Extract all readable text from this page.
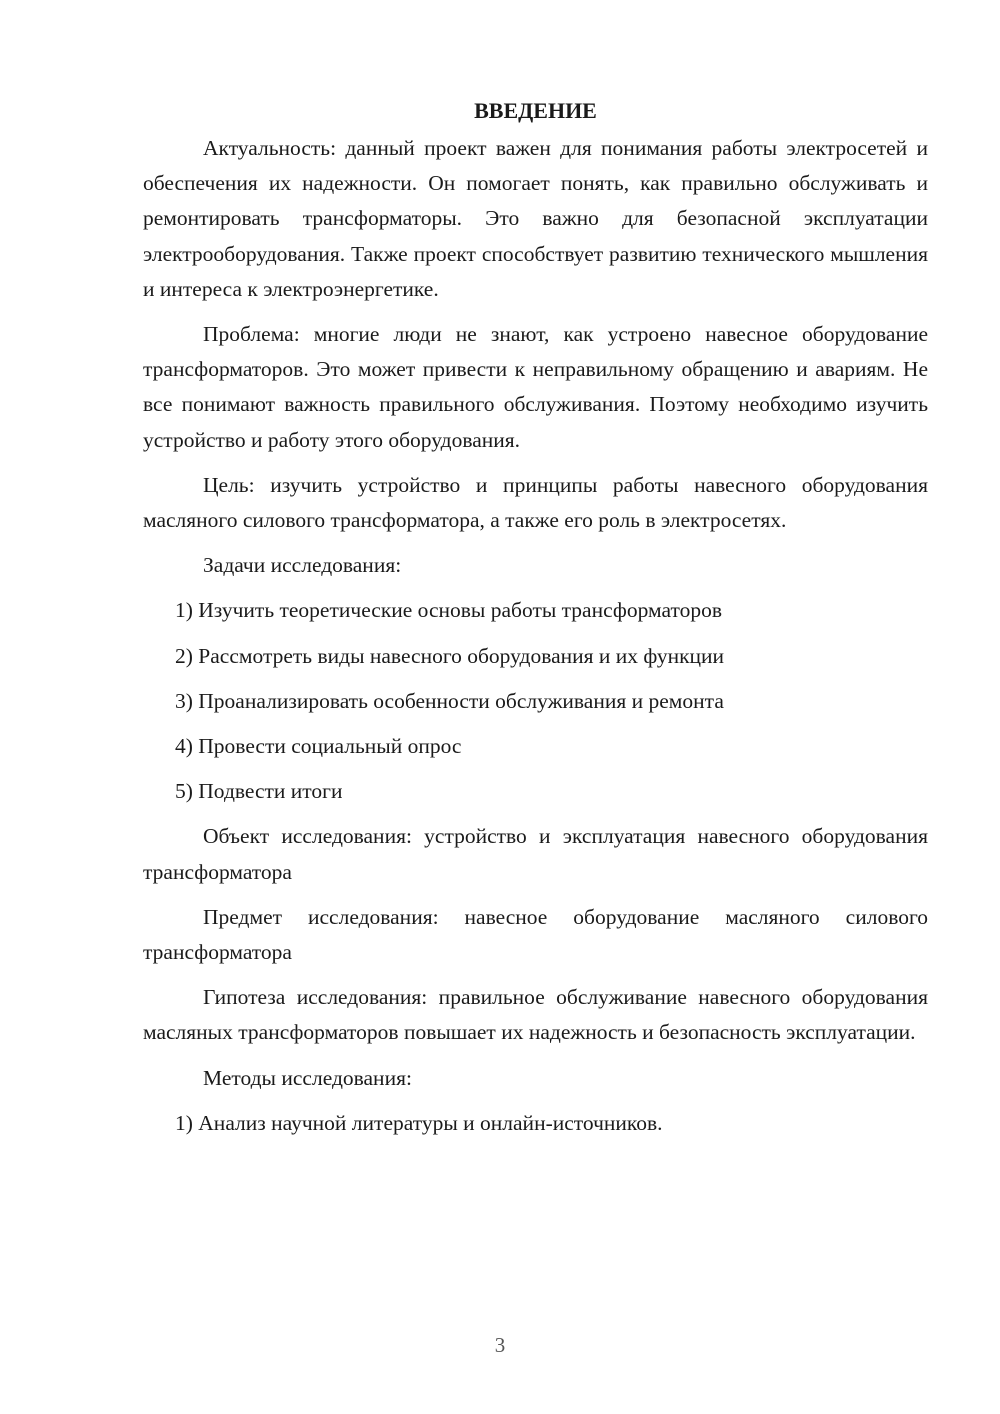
ВВЕДЕНИЕ

Актуальность: данный проект важен для понимания работы электросетей и обеспечения их надежности. Он помогает понять, как правильно обслуживать и ремонтировать трансформаторы. Это важно для безопасной эксплуатации электрооборудования. Также проект способствует развитию технического мышления и интереса к электроэнергетике.

Проблема: многие люди не знают, как устроено навесное оборудование трансформаторов. Это может привести к неправильному обращению и авариям. Не все понимают важность правильного обслуживания. Поэтому необходимо изучить устройство и работу этого оборудования.

Цель: изучить устройство и принципы работы навесного оборудования масляного силового трансформатора, а также его роль в электросетях.

Задачи исследования:

1) Изучить теоретические основы работы трансформаторов
2) Рассмотреть виды навесного оборудования и их функции
3) Проанализировать особенности обслуживания и ремонта
4) Провести социальный опрос
5) Подвести итоги

Объект исследования: устройство и эксплуатация навесного оборудования трансформатора

Предмет исследования: навесное оборудование масляного силового трансформатора

Гипотеза исследования: правильное обслуживание навесного оборудования масляных трансформаторов повышает их надежность и безопасность эксплуатации.

Методы исследования:

1) Анализ научной литературы и онлайн-источников.
3
